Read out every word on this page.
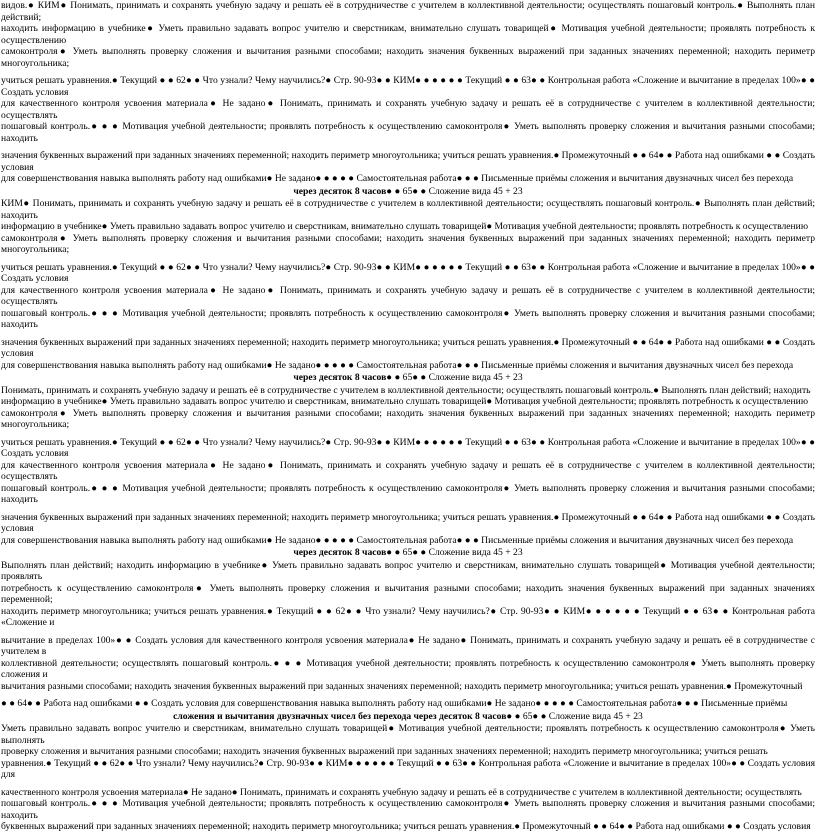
видов.● КИМ● Понимать, принимать и сохранять учебную задачу и решать её в сотрудничестве с учителем в коллективной деятельности; осуществлять пошаговый контроль.● Выполнять план действий;
находить информацию в учебнике● Уметь правильно задавать вопрос учителю и сверстникам, внимательно слушать товарищей● Мотивация учебной деятельности; проявлять потребность к осуществлению
самоконтроля● Уметь выполнять проверку сложения и вычитания разными способами; находить значения буквенных выражений при заданных значениях переменной; находить периметр многоугольника;
учиться решать уравнения.● Текущий ● ● 62● ● Что узнали? Чему научились?● Стр. 90-93● ● КИМ● ● ● ● ● ● Текущий ● ● 63● ● Контрольная работа «Сложение и вычитание в пределах 100»● ● Создать условия
для качественного контроля усвоения материала● Не задано● Понимать, принимать и сохранять учебную задачу и решать её в сотрудничестве с учителем в коллективной деятельности; осуществлять
пошаговый контроль.● ● ● Мотивация учебной деятельности; проявлять потребность к осуществлению самоконтроля● Уметь выполнять проверку сложения и вычитания разными способами; находить
значения буквенных выражений при заданных значениях переменной; находить периметр многоугольника; учиться решать уравнения.● Промежуточный ● ● 64● ● Работа над ошибками ● ● Создать условия
для совершенствования навыка выполнять работу над ошибками● Не задано● ● ● ● ● Самостоятельная работа● ● ● Письменные приёмы сложения и вычитания двузначных чисел без перехода
через десяток 8 часов● ● 65● ● Сложение вида 45 + 23
КИМ● Понимать, принимать и сохранять учебную задачу и решать её в сотрудничестве с учителем в коллективной деятельности; осуществлять пошаговый контроль.● Выполнять план действий; находить
информацию в учебнике● Уметь правильно задавать вопрос учителю и сверстникам, внимательно слушать товарищей● Мотивация учебной деятельности; проявлять потребность к осуществлению
самоконтроля● Уметь выполнять проверку сложения и вычитания разными способами; находить значения буквенных выражений при заданных значениях переменной; находить периметр многоугольника;
учиться решать уравнения.● Текущий ● ● 62● ● Что узнали? Чему научились?● Стр. 90-93● ● КИМ● ● ● ● ● ● Текущий ● ● 63● ● Контрольная работа «Сложение и вычитание в пределах 100»● ● Создать условия
для качественного контроля усвоения материала● Не задано● Понимать, принимать и сохранять учебную задачу и решать её в сотрудничестве с учителем в коллективной деятельности; осуществлять
пошаговый контроль.● ● ● Мотивация учебной деятельности; проявлять потребность к осуществлению самоконтроля● Уметь выполнять проверку сложения и вычитания разными способами; находить
значения буквенных выражений при заданных значениях переменной; находить периметр многоугольника; учиться решать уравнения.● Промежуточный ● ● 64● ● Работа над ошибками ● ● Создать условия
для совершенствования навыка выполнять работу над ошибками● Не задано● ● ● ● ● Самостоятельная работа● ● ● Письменные приёмы сложения и вычитания двузначных чисел без перехода
через десяток 8 часов● ● 65● ● Сложение вида 45 + 23
Понимать, принимать и сохранять учебную задачу и решать её в сотрудничестве с учителем в коллективной деятельности; осуществлять пошаговый контроль.● Выполнять план действий; находить
информацию в учебнике● Уметь правильно задавать вопрос учителю и сверстникам, внимательно слушать товарищей● Мотивация учебной деятельности; проявлять потребность к осуществлению
самоконтроля● Уметь выполнять проверку сложения и вычитания разными способами; находить значения буквенных выражений при заданных значениях переменной; находить периметр многоугольника;
учиться решать уравнения.● Текущий ● ● 62● ● Что узнали? Чему научились?● Стр. 90-93● ● КИМ● ● ● ● ● ● Текущий ● ● 63● ● Контрольная работа «Сложение и вычитание в пределах 100»● ● Создать условия
для качественного контроля усвоения материала● Не задано● Понимать, принимать и сохранять учебную задачу и решать её в сотрудничестве с учителем в коллективной деятельности; осуществлять
пошаговый контроль.● ● ● Мотивация учебной деятельности; проявлять потребность к осуществлению самоконтроля● Уметь выполнять проверку сложения и вычитания разными способами; находить
значения буквенных выражений при заданных значениях переменной; находить периметр многоугольника; учиться решать уравнения.● Промежуточный ● ● 64● ● Работа над ошибками ● ● Создать условия
для совершенствования навыка выполнять работу над ошибками● Не задано● ● ● ● ● Самостоятельная работа● ● ● Письменные приёмы сложения и вычитания двузначных чисел без перехода
через десяток 8 часов● ● 65● ● Сложение вида 45 + 23
Выполнять план действий; находить информацию в учебнике● Уметь правильно задавать вопрос учителю и сверстникам, внимательно слушать товарищей● Мотивация учебной деятельности; проявлять
потребность к осуществлению самоконтроля● Уметь выполнять проверку сложения и вычитания разными способами; находить значения буквенных выражений при заданных значениях переменной;
находить периметр многоугольника; учиться решать уравнения.● Текущий ● ● 62● ● Что узнали? Чему научились?● Стр. 90-93● ● КИМ● ● ● ● ● ● Текущий ● ● 63● ● Контрольная работа «Сложение и
вычитание в пределах 100»● ● Создать условия для качественного контроля усвоения материала● Не задано● Понимать, принимать и сохранять учебную задачу и решать её в сотрудничестве с учителем в
коллективной деятельности; осуществлять пошаговый контроль.● ● ● Мотивация учебной деятельности; проявлять потребность к осуществлению самоконтроля● Уметь выполнять проверку сложения и
вычитания разными способами; находить значения буквенных выражений при заданных значениях переменной; находить периметр многоугольника; учиться решать уравнения.● Промежуточный
● ● 64● ● Работа над ошибками ● ● Создать условия для совершенствования навыка выполнять работу над ошибками● Не задано● ● ● ● ● Самостоятельная работа● ● ● Письменные приёмы
сложения и вычитания двузначных чисел без перехода через десяток 8 часов● ● 65● ● Сложение вида 45 + 23
Уметь правильно задавать вопрос учителю и сверстникам, внимательно слушать товарищей● Мотивация учебной деятельности; проявлять потребность к осуществлению самоконтроля● Уметь выполнять
проверку сложения и вычитания разными способами; находить значения буквенных выражений при заданных значениях переменной; находить периметр многоугольника; учиться решать
уравнения.● Текущий ● ● 62● ● Что узнали? Чему научились?● Стр. 90-93● ● КИМ● ● ● ● ● ● Текущий ● ● 63● ● Контрольная работа «Сложение и вычитание в пределах 100»● ● Создать условия для
качественного контроля усвоения материала● Не задано● Понимать, принимать и сохранять учебную задачу и решать её в сотрудничестве с учителем в коллективной деятельности; осуществлять
пошаговый контроль.● ● ● Мотивация учебной деятельности; проявлять потребность к осуществлению самоконтроля● Уметь выполнять проверку сложения и вычитания разными способами; находить
буквенных выражений при заданных значениях переменной; находить периметр многоугольника; учиться решать уравнения.● Промежуточный ● ● 64● ● Работа над ошибками ● ● Создать условия
